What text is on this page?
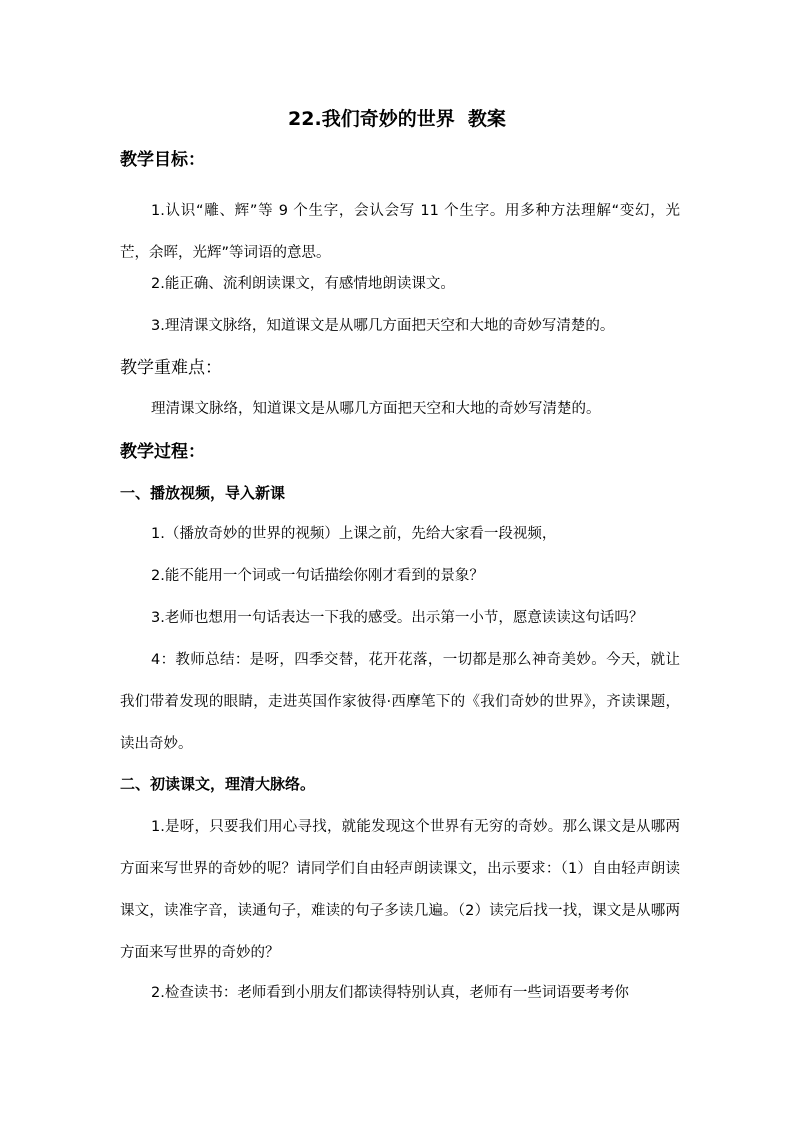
22.我们奇妙的世界  教案
教学目标：
1.认识“雕、辉”等 9 个生字，会认会写 11 个生字。用多种方法理解“变幻，光芒，余晖，光辉”等词语的意思。
2.能正确、流利朗读课文，有感情地朗读课文。
3.理清课文脉络，知道课文是从哪几方面把天空和大地的奇妙写清楚的。
教学重难点：
理清课文脉络，知道课文是从哪几方面把天空和大地的奇妙写清楚的。
教学过程：
一、播放视频，导入新课
1.（播放奇妙的世界的视频）上课之前，先给大家看一段视频，
2.能不能用一个词或一句话描绘你刚才看到的景象？
3.老师也想用一句话表达一下我的感受。出示第一小节，愿意读读这句话吗？
4：教师总结：是呀，四季交替，花开花落，一切都是那么神奇美妙。今天，就让我们带着发现的眼睛，走进英国作家彼得·西摩笔下的《我们奇妙的世界》，齐读课题，读出奇妙。
二、初读课文，理清大脉络。
1.是呀，只要我们用心寻找，就能发现这个世界有无穷的奇妙。那么课文是从哪两方面来写世界的奇妙的呢？请同学们自由轻声朗读课文，出示要求：（1）自由轻声朗读课文，读准字音，读通句子，难读的句子多读几遍。（2）读完后找一找，课文是从哪两方面来写世界的奇妙的？
2.检查读书：老师看到小朋友们都读得特别认真，老师有一些词语要考考你
